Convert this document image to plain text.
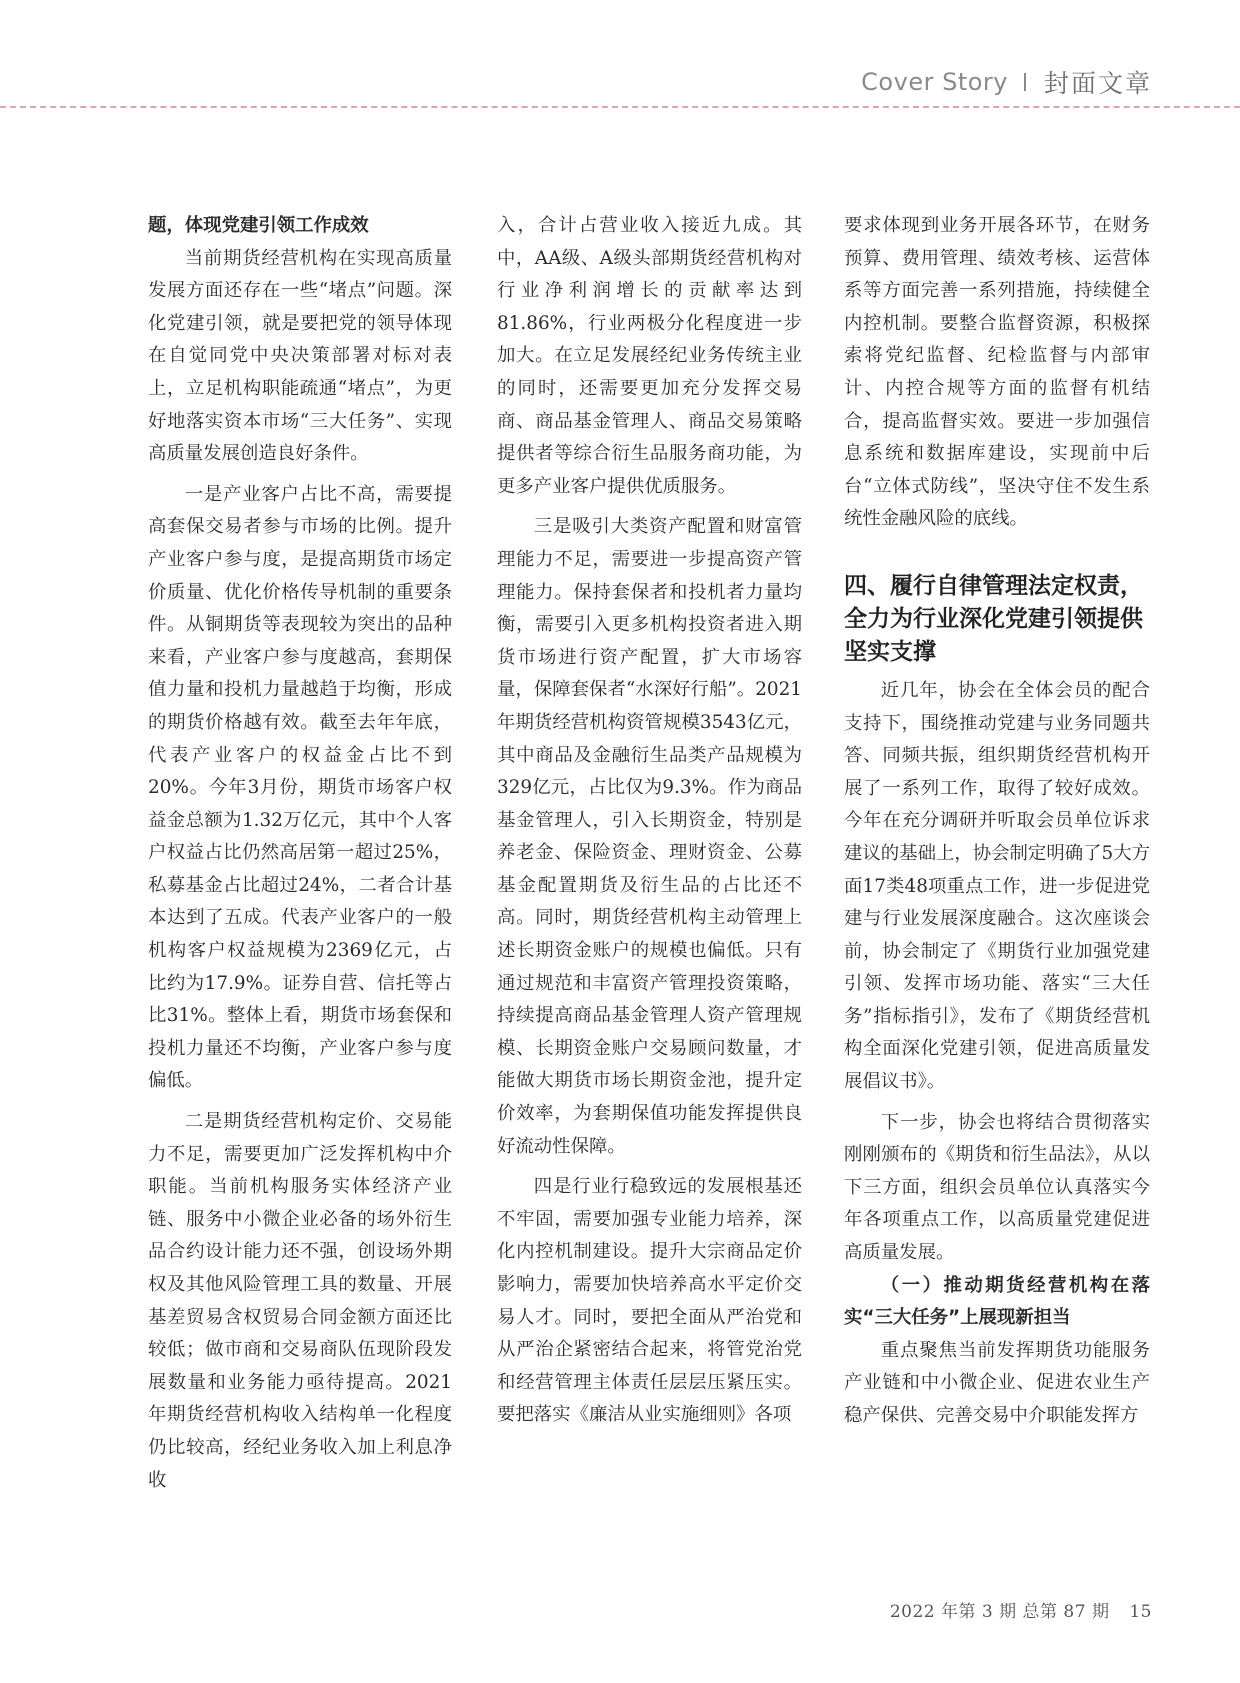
Cover Story 封面文章

题，体现党建引领工作成效

当前期货经营机构在实现高质量发展方面还存在一些“堵点”问题。深化党建引领，就是要把党的领导体现在自觉同党中央决策部署对标对表上，立足机构职能疏通“堵点”，为更好地落实资本市场“三大任务”、实现高质量发展创造良好条件。

一是产业客户占比不高，需要提高套保交易者参与市场的比例。提升产业客户参与度，是提高期货市场定价质量、优化价格传导机制的重要条件。从铜期货等表现较为突出的品种来看，产业客户参与度越高，套期保值力量和投机力量越趋于均衡，形成的期货价格越有效。截至去年年底，代表产业客户的权益金占比不到20%。今年3月份，期货市场客户权益金总额为1.32万亿元，其中个人客户权益占比仍然高居第一超过25%，私募基金占比超过24%，二者合计基本达到了五成。代表产业客户的一般机构客户权益规模为2369亿元，占比约为17.9%。证券自营、信托等占比31%。整体上看，期货市场套保和投机力量还不均衡，产业客户参与度偏低。

二是期货经营机构定价、交易能力不足，需要更加广泛发挥机构中介职能。当前机构服务实体经济产业链、服务中小微企业必备的场外衍生品合约设计能力还不强，创设场外期权及其他风险管理工具的数量、开展基差贸易含权贸易合同金额方面还比较低；做市商和交易商队伍现阶段发展数量和业务能力亟待提高。2021年期货经营机构收入结构单一化程度仍比较高，经纪业务收入加上利息净收

入，合计占营业收入接近九成。其中，AA级、A级头部期货经营机构对行业净利润增长的贡献率达到81.86%，行业两极分化程度进一步加大。在立足发展经纪业务传统主业的同时，还需要更加充分发挥交易商、商品基金管理人、商品交易策略提供者等综合衍生品服务商功能，为更多产业客户提供优质服务。

三是吸引大类资产配置和财富管理能力不足，需要进一步提高资产管理能力。保持套保者和投机者力量均衡，需要引入更多机构投资者进入期货市场进行资产配置，扩大市场容量，保障套保者“水深好行船”。2021年期货经营机构资管规模3543亿元，其中商品及金融衍生品类产品规模为329亿元，占比仅为9.3%。作为商品基金管理人，引入长期资金，特别是养老金、保险资金、理财资金、公募基金配置期货及衍生品的占比还不高。同时，期货经营机构主动管理上述长期资金账户的规模也偏低。只有通过规范和丰富资产管理投资策略，持续提高商品基金管理人资产管理规模、长期资金账户交易顾问数量，才能做大期货市场长期资金池，提升定价效率，为套期保值功能发挥提供良好流动性保障。

四是行业行稳致远的发展根基还不牢固，需要加强专业能力培养，深化内控机制建设。提升大宗商品定价影响力，需要加快培养高水平定价交易人才。同时，要把全面从严治党和从严治企紧密结合起来，将管党治党和经营管理主体责任层层压紧压实。要把落实《廉洁从业实施细则》各项

要求体现到业务开展各环节，在财务预算、费用管理、绩效考核、运营体系等方面完善一系列措施，持续健全内控机制。要整合监督资源，积极探索将党纪监督、纪检监督与内部审计、内控合规等方面的监督有机结合，提高监督实效。要进一步加强信息系统和数据库建设，实现前中后台“立体式防线”，坚决守住不发生系统性金融风险的底线。

四、履行自律管理法定权责，全力为行业深化党建引领提供坚实支撑

近几年，协会在全体会员的配合支持下，围绕推动党建与业务同题共答、同频共振，组织期货经营机构开展了一系列工作，取得了较好成效。今年在充分调研并听取会员单位诉求建议的基础上，协会制定明确了5大方面17类48项重点工作，进一步促进党建与行业发展深度融合。这次座谈会前，协会制定了《期货行业加强党建引领、发挥市场功能、落实“三大任务”指标指引》，发布了《期货经营机构全面深化党建引领，促进高质量发展倡议书》。

下一步，协会也将结合贯彻落实刚刚颁布的《期货和衍生品法》，从以下三方面，组织会员单位认真落实今年各项重点工作，以高质量党建促进高质量发展。

（一）推动期货经营机构在落实“三大任务”上展现新担当

重点聚焦当前发挥期货功能服务产业链和中小微企业、促进农业生产稳产保供、完善交易中介职能发挥方

2022 年第 3 期 总第 87 期 15
